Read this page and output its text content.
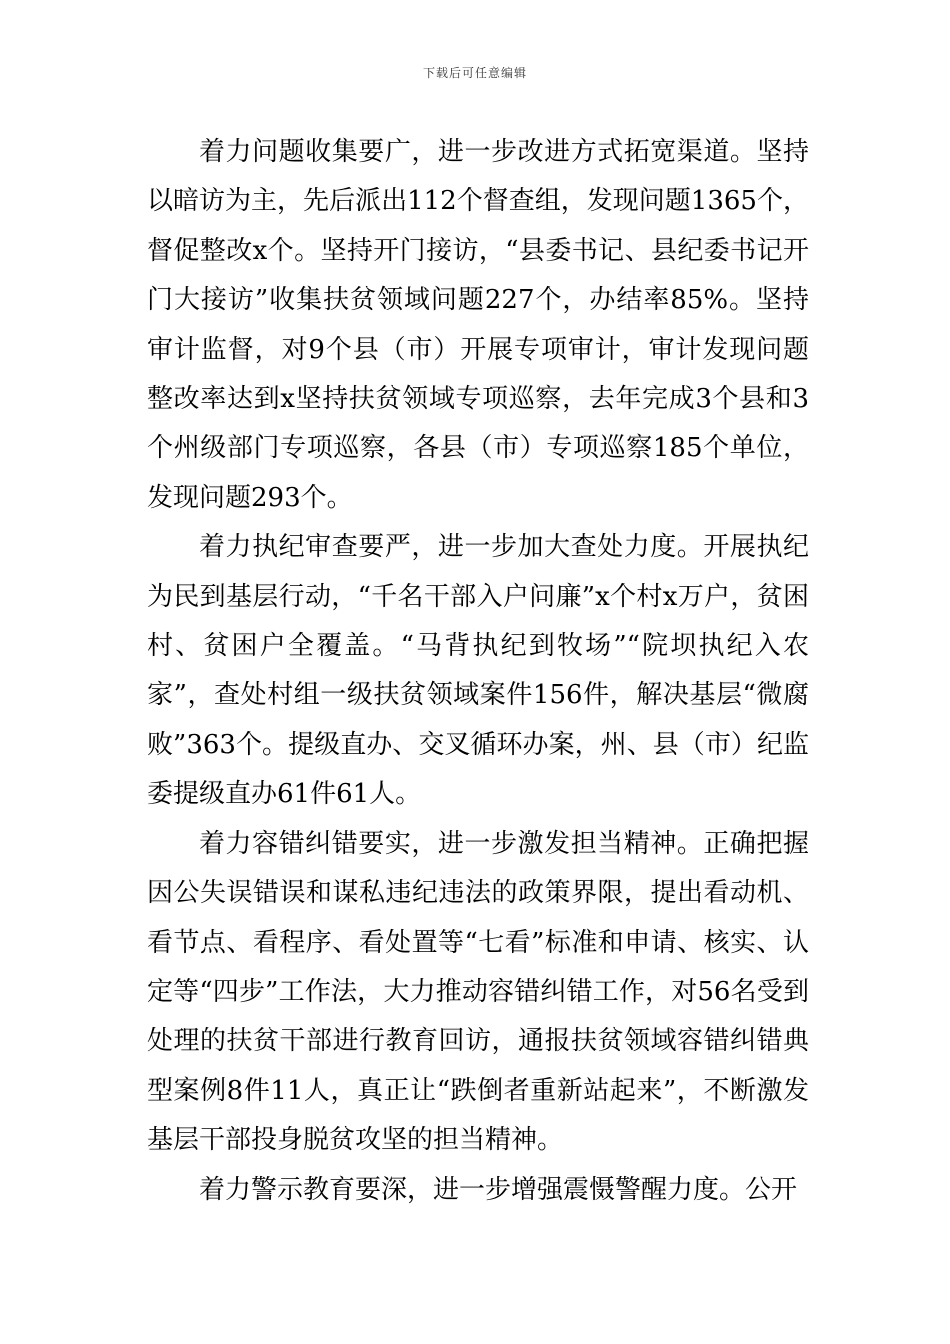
下载后可任意编辑

着力问题收集要广，进一步改进方式拓宽渠道。坚持以暗访为主，先后派出112个督查组，发现问题1365个，督促整改x个。坚持开门接访，“县委书记、县纪委书记开门大接访”收集扶贫领域问题227个，办结率85%。坚持审计监督，对9个县（市）开展专项审计，审计发现问题整改率达到x坚持扶贫领域专项巡察，去年完成3个县和3个州级部门专项巡察，各县（市）专项巡察185个单位，发现问题293个。

着力执纪审查要严，进一步加大查处力度。开展执纪为民到基层行动，“千名干部入户问廉”x个村x万户，贫困村、贫困户全覆盖。“马背执纪到牧场”“院坝执纪入农家”，查处村组一级扶贫领域案件156件，解决基层“微腐败”363个。提级直办、交叉循环办案，州、县（市）纪监委提级直办61件61人。

着力容错纠错要实，进一步激发担当精神。正确把握因公失误错误和谋私违纪违法的政策界限，提出看动机、看节点、看程序、看处置等“七看”标准和申请、核实、认定等“四步”工作法，大力推动容错纠错工作，对56名受到处理的扶贫干部进行教育回访，通报扶贫领域容错纠错典型案例8件11人，真正让“跌倒者重新站起来”，不断激发基层干部投身脱贫攻坚的担当精神。

着力警示教育要深，进一步增强震慑警醒力度。公开
